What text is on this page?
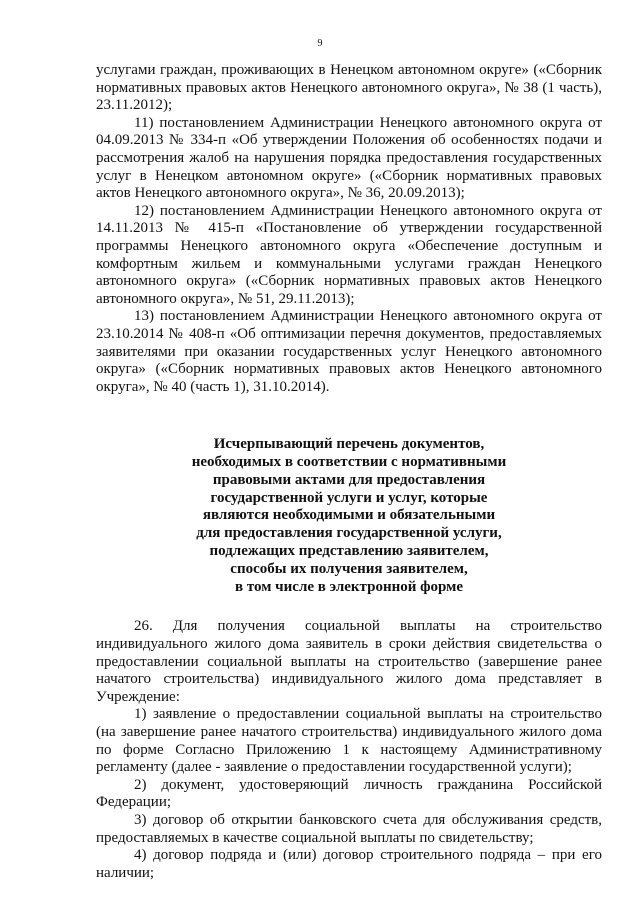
9

услугами граждан, проживающих в Ненецком автономном округе» («Сборник нормативных правовых актов Ненецкого автономного округа», № 38 (1 часть), 23.11.2012);

11) постановлением Администрации Ненецкого автономного округа от 04.09.2013 № 334-п «Об утверждении Положения об особенностях подачи и рассмотрения жалоб на нарушения порядка предоставления государственных услуг в Ненецком автономном округе» («Сборник нормативных правовых актов Ненецкого автономного округа», № 36, 20.09.2013);

12) постановлением Администрации Ненецкого автономного округа от 14.11.2013 № 415-п «Постановление об утверждении государственной программы Ненецкого автономного округа «Обеспечение доступным и комфортным жильем и коммунальными услугами граждан Ненецкого автономного округа» («Сборник нормативных правовых актов Ненецкого автономного округа», № 51, 29.11.2013);

13) постановлением Администрации Ненецкого автономного округа от 23.10.2014 № 408-п «Об оптимизации перечня документов, предоставляемых заявителями при оказании государственных услуг Ненецкого автономного округа» («Сборник нормативных правовых актов Ненецкого автономного округа», № 40 (часть 1), 31.10.2014).

Исчерпывающий перечень документов,
необходимых в соответствии с нормативными
правовыми актами для предоставления
государственной услуги и услуг, которые
являются необходимыми и обязательными
для предоставления государственной услуги,
подлежащих представлению заявителем,
способы их получения заявителем,
в том числе в электронной форме

26. Для получения социальной выплаты на строительство индивидуального жилого дома заявитель в сроки действия свидетельства о предоставлении социальной выплаты на строительство (завершение ранее начатого строительства) индивидуального жилого дома представляет в Учреждение:

1) заявление о предоставлении социальной выплаты на строительство (на завершение ранее начатого строительства) индивидуального жилого дома по форме Согласно Приложению 1 к настоящему Административному регламенту (далее - заявление о предоставлении государственной услуги);

2) документ, удостоверяющий личность гражданина Российской Федерации;

3) договор об открытии банковского счета для обслуживания средств, предоставляемых в качестве социальной выплаты по свидетельству;

4) договор подряда и (или) договор строительного подряда – при его наличии;
